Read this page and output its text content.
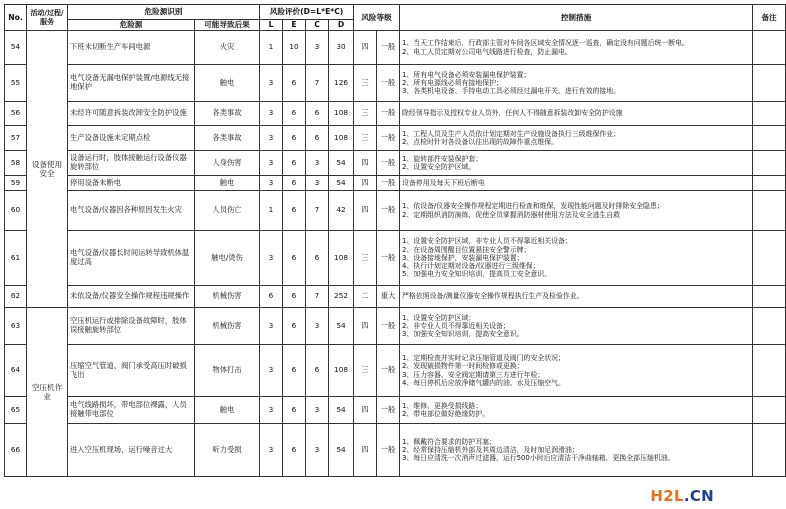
No.	活动/过程/服务	危险源识别		风险评价(D=L*E*C)				风险等级		控制措施	备注
		危险源	可能导致后果	L	E	C	D				
54	设备使用安全	下班未切断生产车间电源	火灾	1	10	3	30	四	一般	1、当天工作结束后，行政部主管对车间各区域安全情况逐一巡查，确定没有问题后统一断电。
2、电工人员定期对公司电气线路进行检查，防止漏电。	
55		电气设备无漏电保护装置/电源线无接地保护	触电	3	6	7	126	三	一般	1、所有电气设备必须安装漏电保护装置；
2、所有电源线必须有接地保护；
3、各类机电设备、手持电动工具必须经过漏电开关，进行有效的接地。	
56		未经许可随意拆装改卸安全防护设施	各类事故	3	6	6	108	三	一般	除经领导指示及授权专业人员外，任何人不得随意拆装改卸安全防护设施	
57		生产设备设施未定期点检	各类事故	3	6	6	108	三	一般	1、工程人员及生产人员依计划定期对生产设施设备执行三级维保作业；
2、点检时针对各设备以往出现的故障作重点维保。	
58		设备运行时，肢体接触运行设备仪器旋转部位	人身伤害	3	6	3	54	四	一般	1、旋转部件安装保护套；
2、设置安全防护区域。	
59		停用设备未断电	触电	3	6	3	54	四	一般	设备停用及每天下班后断电	
60		电气设备/仪器因各种原因发生火灾	人员伤亡	1	6	7	42	四	一般	1、依设备/仪器安全操作规程定期进行检查和维保，发现性能问题及时排除安全隐患；
2、定期组织消防演练，促使全员掌握消防器材使用方法及安全逃生自救	
61		电气设备/仪器长时间运转导致机体温度过高	触电/烫伤	3	6	6	108	三	一般	1、设置安全防护区域，非专业人员不得靠近相关设备；
2、在设备周围醒目位置悬挂安全警示牌；
3、设备接地保护，安装漏电保护装置；
4、执行计划定期对设备/仪器进行三级维保；
5、加强电力安全知识培训，提高员工安全意识。	
62		未依设备/仪器安全操作规程违规操作	机械伤害	6	6	7	252	二	重大	严格依照设备/测量仪器安全操作规程执行生产及检验作业。	
63	空压机作业	空压机运行或排除设备故障时，肢体误接触旋转部位	机械伤害	3	6	3	54	四	一般	1、设置安全防护区域；
2、非专业人员不得靠近相关设备；
3、加强安全知识培训，提高安全意识。	
64		压缩空气管道、阀门承受高压时破损飞出	物体打击	3	6	6	108	三	一般	1、定期检查并实时记录压缩管道及阀门的安全状况；
2、发现破损物件第一时间检修或更换；
3、压力容器、安全阀定期请第三方进行年检；
4、每日停机后应放净储气罐内的油、水及压缩空气。	
65		电气线路损坏，带电部位裸露，人员接触带电部位	触电	3	6	3	54	四	一般	1、维修、更换受损线路；
2、带电部位做好绝缘防护。	
66		进入空压机现场，运行噪音过大	听力受损	3	6	3	54	四	一般	1、佩戴符合要求的防护耳塞；
2、经常保持压缩机外部及其周边清洁，及时加足润滑油；
3、每日应清洗一次消声过滤器，运行500小时后应清洁干净曲轴箱，更换全部压缩机油。	
H2L.CN
